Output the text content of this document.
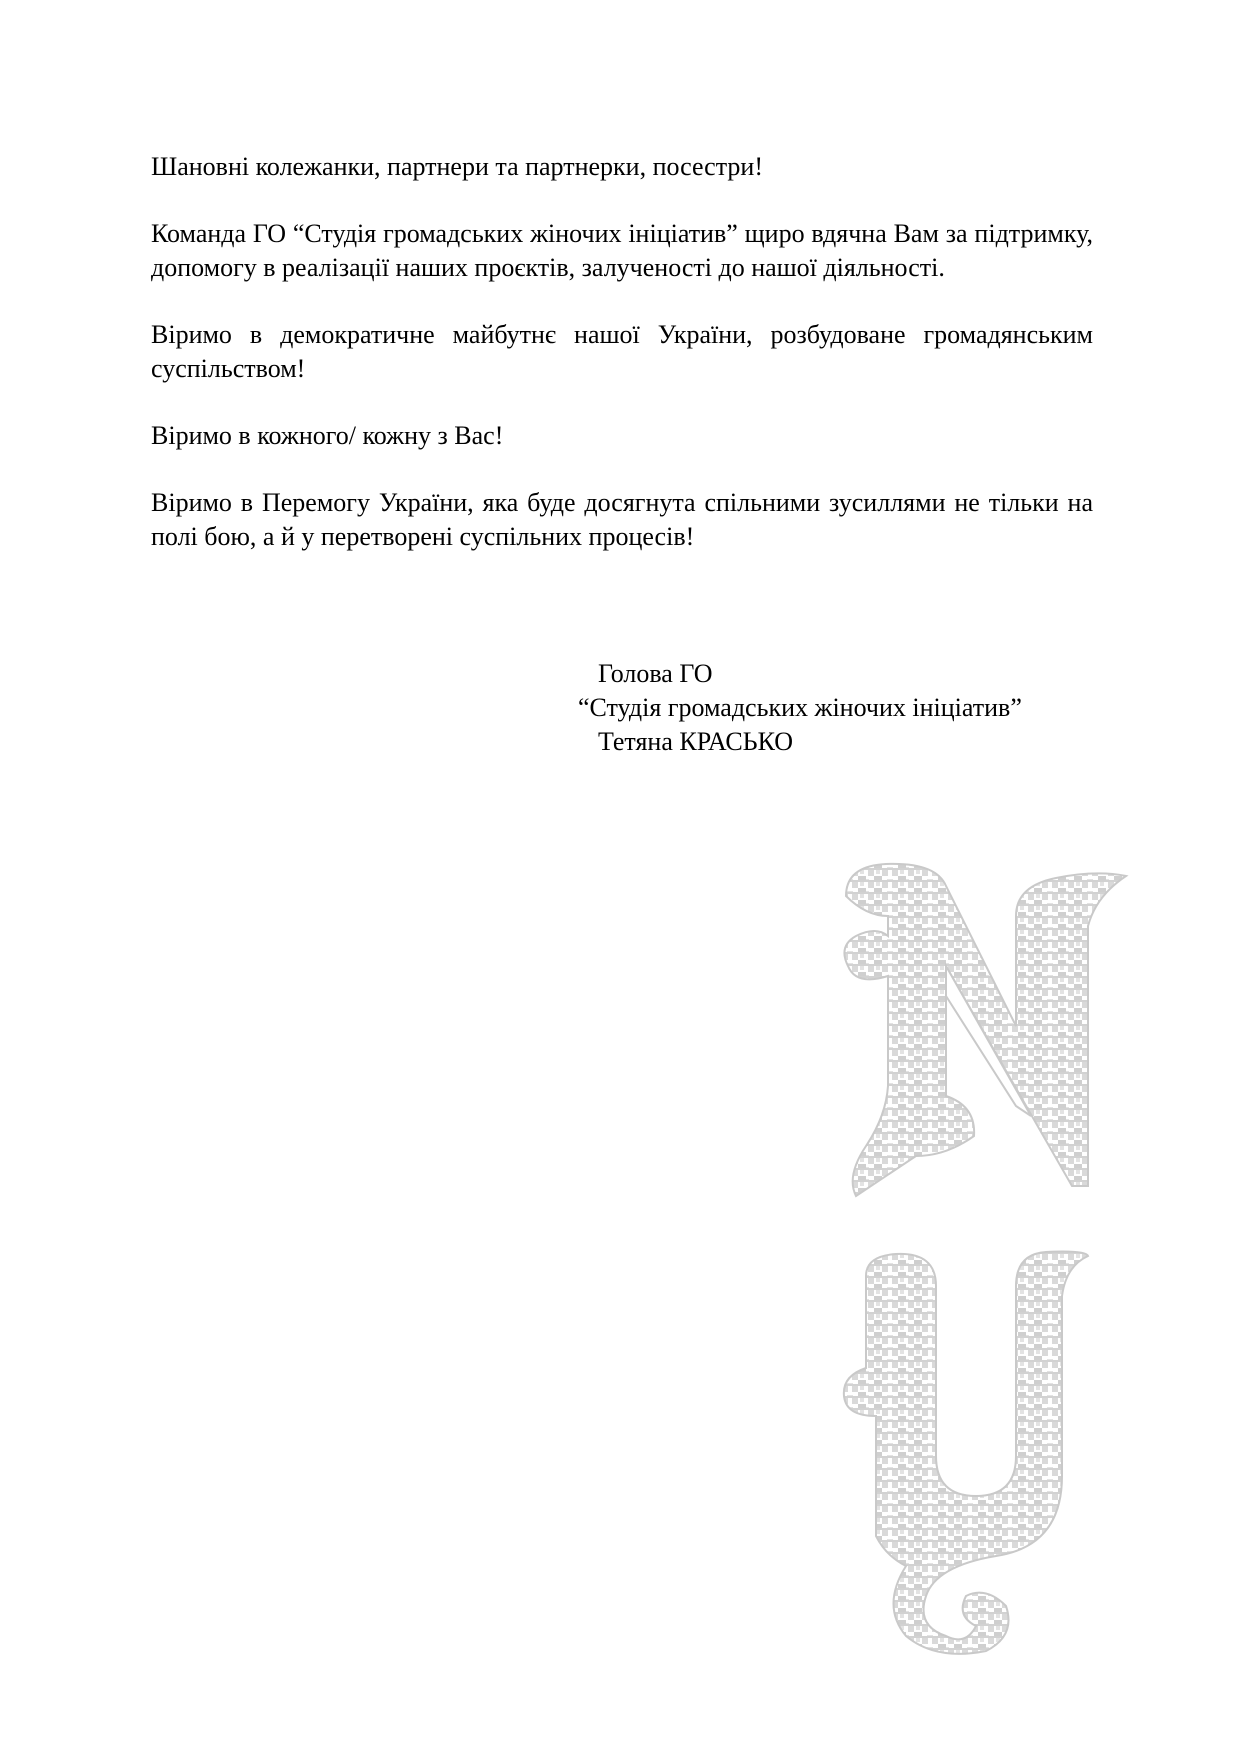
Шановні колежанки, партнери та партнерки, посестри!

Команда ГО “Студія громадських жіночих ініціатив” щиро вдячна Вам за підтримку, допомогу в реалізації наших проєктів, залученості до нашої діяльності.

Віримо в демократичне майбутнє нашої України, розбудоване громадянським суспільством!

Віримо в кожного/ кожну з Вас!

Віримо в Перемогу України, яка буде досягнута спільними зусиллями не тільки на полі бою, а й у перетворені суспільних процесів!

Голова ГО
“Студія громадських жіночих ініціатив”
Тетяна КРАСЬКО
